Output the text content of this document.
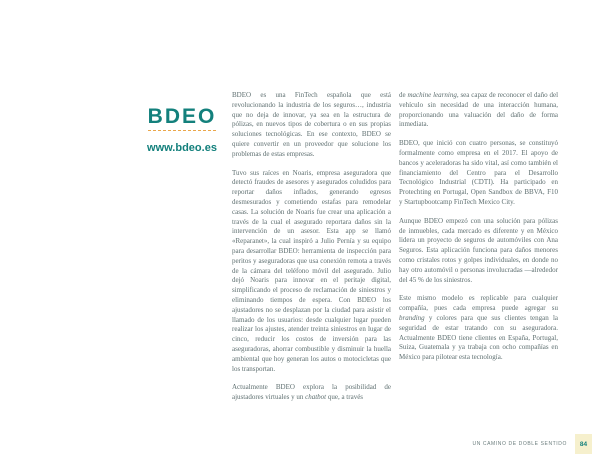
BDEO
www.bdeo.es

BDEO es una FinTech española que está revolucionando la industria de los seguros…, industria que no deja de innovar, ya sea en la estructura de pólizas, en nuevos tipos de cobertura o en sus propias soluciones tecnológicas. En ese contexto, BDEO se quiere convertir en un proveedor que solucione los problemas de estas empresas.

Tuvo sus raíces en Noaris, empresa aseguradora que detectó fraudes de asesores y asegurados coludidos para reportar daños inflados, generando egresos desmesurados y cometiendo estafas para remodelar casas. La solución de Noaris fue crear una aplicación a través de la cual el asegurado reportara daños sin la intervención de un asesor. Esta app se llamó «Reparanet», la cual inspiró a Julio Pernía y su equipo para desarrollar BDEO: herramienta de inspección para peritos y aseguradoras que usa conexión remota a través de la cámara del teléfono móvil del asegurado. Julio dejó Noaris para innovar en el peritaje digital, simplificando el proceso de reclamación de siniestros y eliminando tiempos de espera. Con BDEO los ajustadores no se desplazan por la ciudad para asistir el llamado de los usuarios: desde cualquier lugar pueden realizar los ajustes, atender treinta siniestros en lugar de cinco, reducir los costos de inversión para las aseguradoras, ahorrar combustible y disminuir la huella ambiental que hoy generan los autos o motocicletas que los transportan.

Actualmente BDEO explora la posibilidad de ajustadores virtuales y un chatbot que, a través

de machine learning, sea capaz de reconocer el daño del vehículo sin necesidad de una interacción humana, proporcionando una valuación del daño de forma inmediata.

BDEO, que inició con cuatro personas, se constituyó formalmente como empresa en el 2017. El apoyo de bancos y aceleradoras ha sido vital, así como también el financiamiento del Centro para el Desarrollo Tecnológico Industrial (CDTI). Ha participado en Protechting en Portugal, Open Sandbox de BBVA, F10 y Startupbootcamp FinTech Mexico City.

Aunque BDEO empezó con una solución para pólizas de inmuebles, cada mercado es diferente y en México lidera un proyecto de seguros de automóviles con Ana Seguros. Esta aplicación funciona para daños menores como cristales rotos y golpes individuales, en donde no hay otro automóvil o personas involucradas —alrededor del 45 % de los siniestros.

Este mismo modelo es replicable para cualquier compañía, pues cada empresa puede agregar su branding y colores para que sus clientes tengan la seguridad de estar tratando con su aseguradora. Actualmente BDEO tiene clientes en España, Portugal, Suiza, Guatemala y ya trabaja con ocho compañías en México para pilotear esta tecnología.

UN CAMINO DE DOBLE SENTIDO 84
